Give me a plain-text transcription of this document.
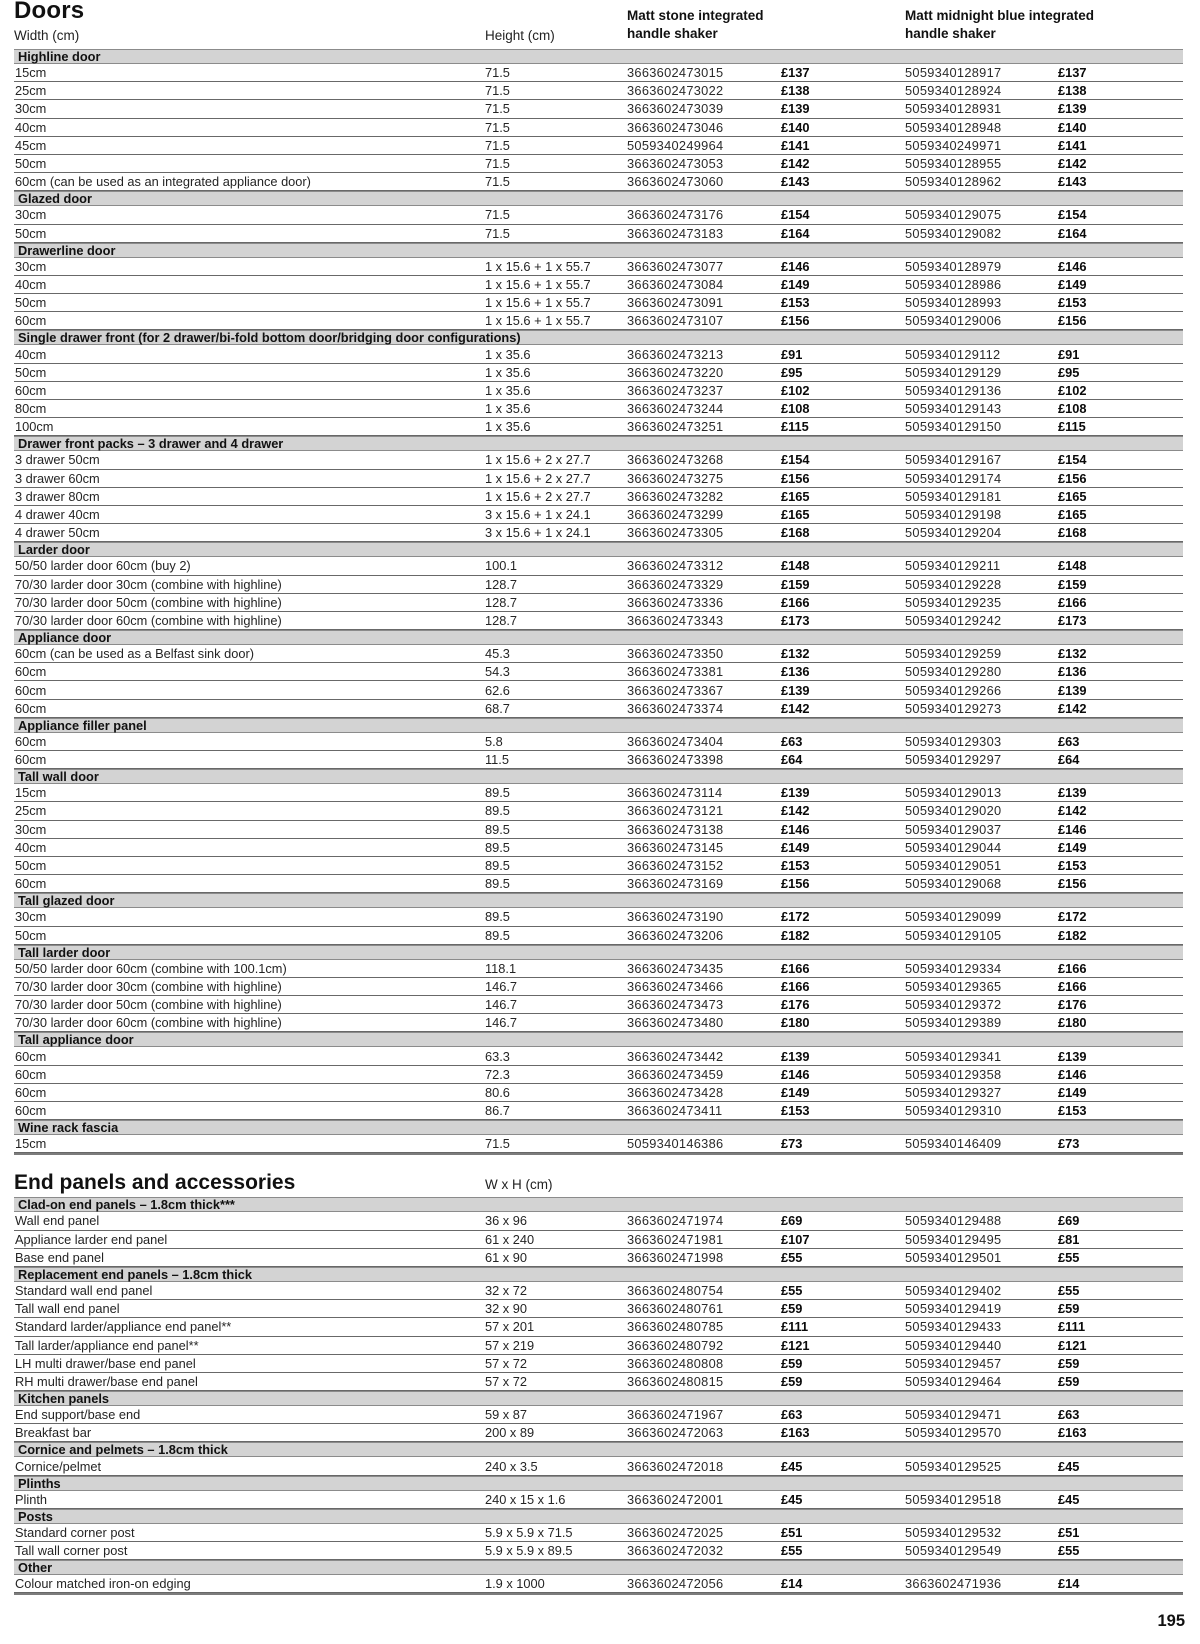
Doors
Width (cm)	Height (cm)
Matt stone integrated
handle shaker
Matt midnight blue integrated
handle shaker
Highline door
15cm	71.5	3663602473015	£137	5059340128917	£137
25cm	71.5	3663602473022	£138	5059340128924	£138
30cm	71.5	3663602473039	£139	5059340128931	£139
40cm	71.5	3663602473046	£140	5059340128948	£140
45cm	71.5	5059340249964	£141	5059340249971	£141
50cm	71.5	3663602473053	£142	5059340128955	£142
60cm (can be used as an integrated appliance door)	71.5	3663602473060	£143	5059340128962	£143
Glazed door
30cm	71.5	3663602473176	£154	5059340129075	£154
50cm	71.5	3663602473183	£164	5059340129082	£164
Drawerline door
30cm	1 x 15.6 + 1 x 55.7	3663602473077	£146	5059340128979	£146
40cm	1 x 15.6 + 1 x 55.7	3663602473084	£149	5059340128986	£149
50cm	1 x 15.6 + 1 x 55.7	3663602473091	£153	5059340128993	£153
60cm	1 x 15.6 + 1 x 55.7	3663602473107	£156	5059340129006	£156
Single drawer front (for 2 drawer/bi-fold bottom door/bridging door configurations)
40cm	1 x 35.6	3663602473213	£91	5059340129112	£91
50cm	1 x 35.6	3663602473220	£95	5059340129129	£95
60cm	1 x 35.6	3663602473237	£102	5059340129136	£102
80cm	1 x 35.6	3663602473244	£108	5059340129143	£108
100cm	1 x 35.6	3663602473251	£115	5059340129150	£115
Drawer front packs – 3 drawer and 4 drawer
3 drawer 50cm	1 x 15.6 + 2 x 27.7	3663602473268	£154	5059340129167	£154
3 drawer 60cm	1 x 15.6 + 2 x 27.7	3663602473275	£156	5059340129174	£156
3 drawer 80cm	1 x 15.6 + 2 x 27.7	3663602473282	£165	5059340129181	£165
4 drawer 40cm	3 x 15.6 + 1 x 24.1	3663602473299	£165	5059340129198	£165
4 drawer 50cm	3 x 15.6 + 1 x 24.1	3663602473305	£168	5059340129204	£168
Larder door
50/50 larder door 60cm (buy 2)	100.1	3663602473312	£148	5059340129211	£148
70/30 larder door 30cm (combine with highline)	128.7	3663602473329	£159	5059340129228	£159
70/30 larder door 50cm (combine with highline)	128.7	3663602473336	£166	5059340129235	£166
70/30 larder door 60cm (combine with highline)	128.7	3663602473343	£173	5059340129242	£173
Appliance door
60cm (can be used as a Belfast sink door)	45.3	3663602473350	£132	5059340129259	£132
60cm	54.3	3663602473381	£136	5059340129280	£136
60cm	62.6	3663602473367	£139	5059340129266	£139
60cm	68.7	3663602473374	£142	5059340129273	£142
Appliance filler panel
60cm	5.8	3663602473404	£63	5059340129303	£63
60cm	11.5	3663602473398	£64	5059340129297	£64
Tall wall door
15cm	89.5	3663602473114	£139	5059340129013	£139
25cm	89.5	3663602473121	£142	5059340129020	£142
30cm	89.5	3663602473138	£146	5059340129037	£146
40cm	89.5	3663602473145	£149	5059340129044	£149
50cm	89.5	3663602473152	£153	5059340129051	£153
60cm	89.5	3663602473169	£156	5059340129068	£156
Tall glazed door
30cm	89.5	3663602473190	£172	5059340129099	£172
50cm	89.5	3663602473206	£182	5059340129105	£182
Tall larder door
50/50 larder door 60cm (combine with 100.1cm)	118.1	3663602473435	£166	5059340129334	£166
70/30 larder door 30cm (combine with highline)	146.7	3663602473466	£166	5059340129365	£166
70/30 larder door 50cm (combine with highline)	146.7	3663602473473	£176	5059340129372	£176
70/30 larder door 60cm (combine with highline)	146.7	3663602473480	£180	5059340129389	£180
Tall appliance door
60cm	63.3	3663602473442	£139	5059340129341	£139
60cm	72.3	3663602473459	£146	5059340129358	£146
60cm	80.6	3663602473428	£149	5059340129327	£149
60cm	86.7	3663602473411	£153	5059340129310	£153
Wine rack fascia
15cm	71.5	5059340146386	£73	5059340146409	£73
End panels and accessories	W x H (cm)
Clad-on end panels – 1.8cm thick***
Wall end panel	36 x 96	3663602471974	£69	5059340129488	£69
Appliance larder end panel	61 x 240	3663602471981	£107	5059340129495	£81
Base end panel	61 x 90	3663602471998	£55	5059340129501	£55
Replacement end panels – 1.8cm thick
Standard wall end panel	32 x 72	3663602480754	£55	5059340129402	£55
Tall wall end panel	32 x 90	3663602480761	£59	5059340129419	£59
Standard larder/appliance end panel**	57 x 201	3663602480785	£111	5059340129433	£111
Tall larder/appliance end panel**	57 x 219	3663602480792	£121	5059340129440	£121
LH multi drawer/base end panel	57 x 72	3663602480808	£59	5059340129457	£59
RH multi drawer/base end panel	57 x 72	3663602480815	£59	5059340129464	£59
Kitchen panels
End support/base end	59 x 87	3663602471967	£63	5059340129471	£63
Breakfast bar	200 x 89	3663602472063	£163	5059340129570	£163
Cornice and pelmets – 1.8cm thick
Cornice/pelmet	240 x 3.5	3663602472018	£45	5059340129525	£45
Plinths
Plinth	240 x 15 x 1.6	3663602472001	£45	5059340129518	£45
Posts
Standard corner post	5.9 x 5.9 x 71.5	3663602472025	£51	5059340129532	£51
Tall wall corner post	5.9 x 5.9 x 89.5	3663602472032	£55	5059340129549	£55
Other
Colour matched iron-on edging	1.9 x 1000	3663602472056	£14	3663602471936	£14
195
